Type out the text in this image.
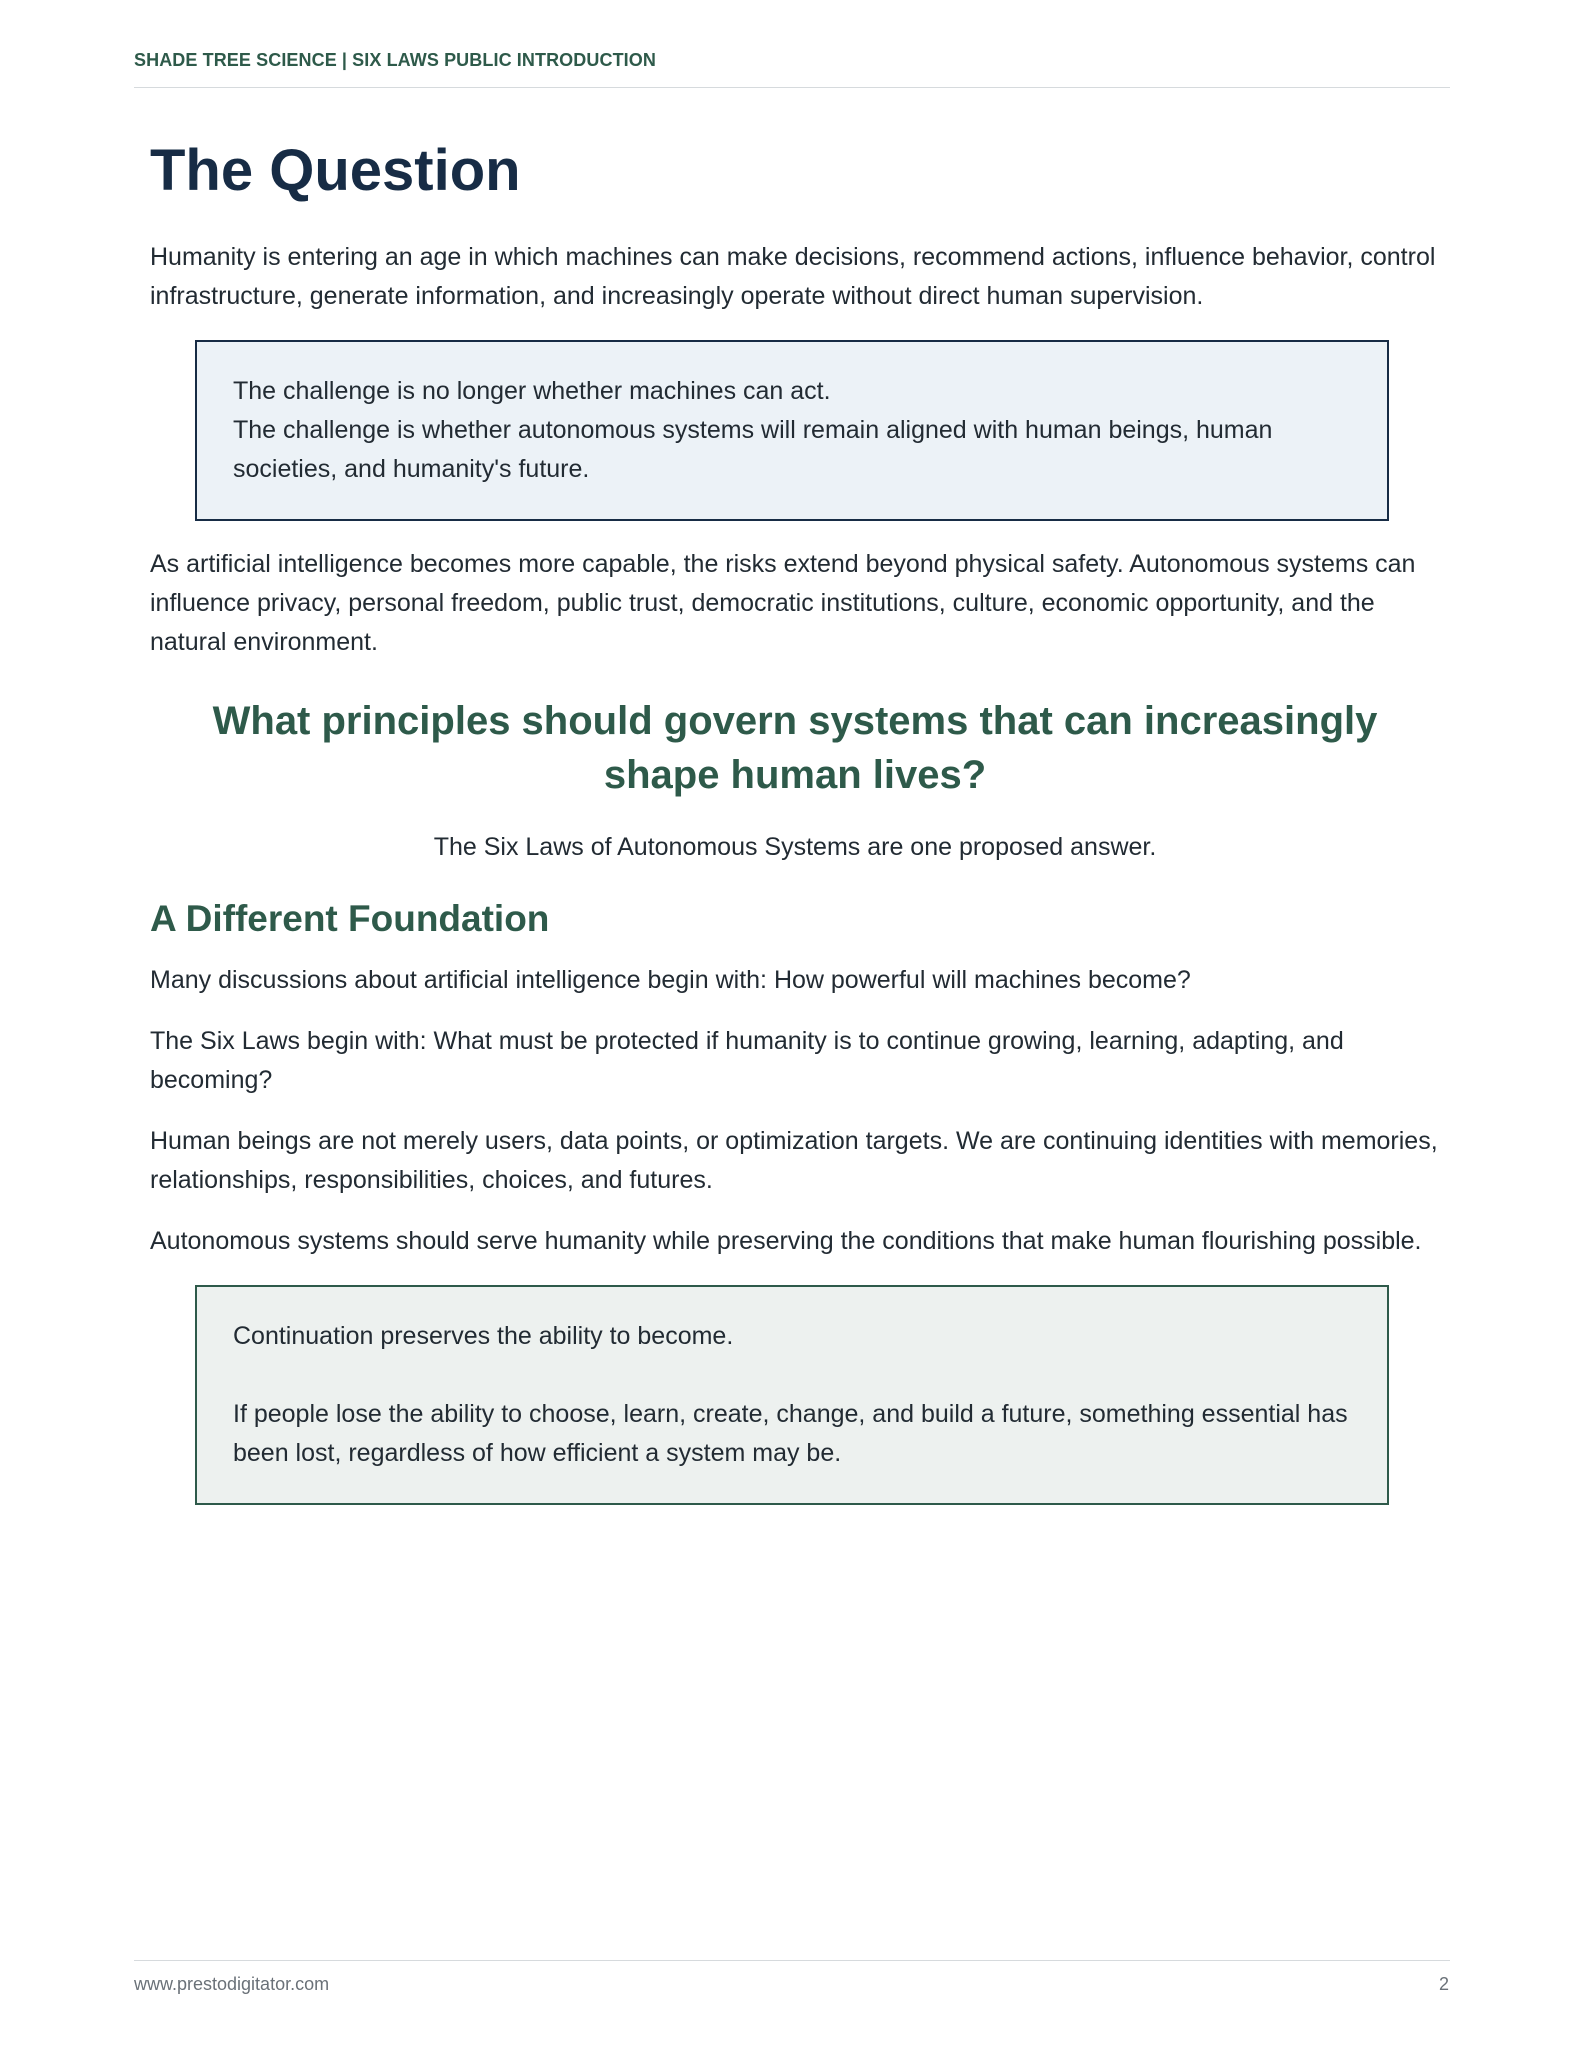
SHADE TREE SCIENCE | SIX LAWS PUBLIC INTRODUCTION
The Question

Humanity is entering an age in which machines can make decisions, recommend actions, influence behavior, control infrastructure, generate information, and increasingly operate without direct human supervision.

The challenge is no longer whether machines can act.
The challenge is whether autonomous systems will remain aligned with human beings, human societies, and humanity's future.

As artificial intelligence becomes more capable, the risks extend beyond physical safety. Autonomous systems can influence privacy, personal freedom, public trust, democratic institutions, culture, economic opportunity, and the natural environment.

What principles should govern systems that can increasingly shape human lives?
The Six Laws of Autonomous Systems are one proposed answer.
A Different Foundation

Many discussions about artificial intelligence begin with: How powerful will machines become?

The Six Laws begin with: What must be protected if humanity is to continue growing, learning, adapting, and becoming?

Human beings are not merely users, data points, or optimization targets. We are continuing identities with memories, relationships, responsibilities, choices, and futures.

Autonomous systems should serve humanity while preserving the conditions that make human flourishing possible.

Continuation preserves the ability to become.
If people lose the ability to choose, learn, create, change, and build a future, something essential has been lost, regardless of how efficient a system may be.
www.prestodigitator.com	2
